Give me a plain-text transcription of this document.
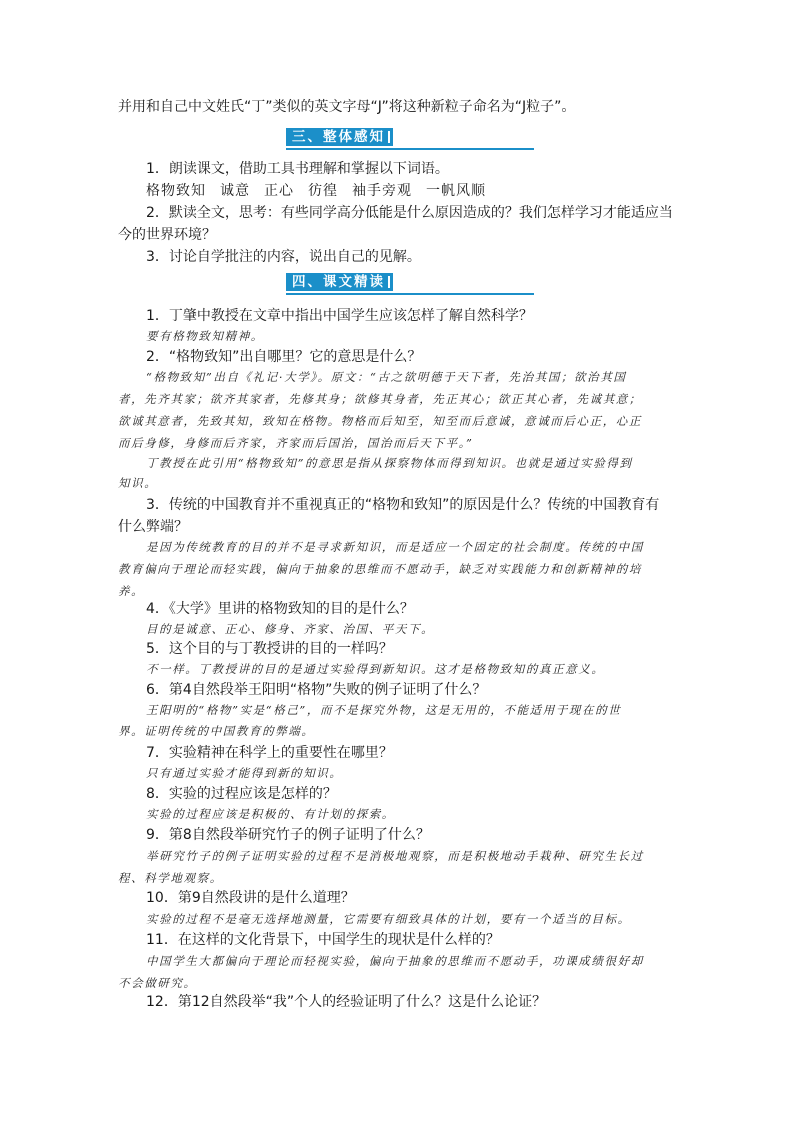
并用和自己中文姓氏“丁”类似的英文字母“J”将这种新粒子命名为“J粒子”。

三、整体感知

1．朗读课文，借助工具书理解和掌握以下词语。

格物致知 诚意 正心 彷徨 袖手旁观 一帆风顺

2．默读全文，思考：有些同学高分低能是什么原因造成的？我们怎样学习才能适应当

今的世界环境？

3．讨论自学批注的内容，说出自己的见解。

四、课文精读

1．丁肇中教授在文章中指出中国学生应该怎样了解自然科学？

要有格物致知精神。

2．“格物致知”出自哪里？它的意思是什么？

“格物致知”出自《礼记·大学》。原文：“古之欲明德于天下者，先治其国；欲治其国

者，先齐其家；欲齐其家者，先修其身；欲修其身者，先正其心；欲正其心者，先诚其意；

欲诚其意者，先致其知，致知在格物。物格而后知至，知至而后意诚，意诚而后心正，心正

而后身修，身修而后齐家，齐家而后国治，国治而后天下平。”

丁教授在此引用“格物致知”的意思是指从探察物体而得到知识。也就是通过实验得到

知识。

3．传统的中国教育并不重视真正的“格物和致知”的原因是什么？传统的中国教育有

什么弊端？

是因为传统教育的目的并不是寻求新知识，而是适应一个固定的社会制度。传统的中国

教育偏向于理论而轻实践，偏向于抽象的思维而不愿动手，缺乏对实践能力和创新精神的培

养。

4．《大学》里讲的格物致知的目的是什么？

目的是诚意、正心、修身、齐家、治国、平天下。

5．这个目的与丁教授讲的目的一样吗？

不一样。丁教授讲的目的是通过实验得到新知识。这才是格物致知的真正意义。

6．第4自然段举王阳明“格物”失败的例子证明了什么？

王阳明的“格物”实是“格己”，而不是探究外物，这是无用的，不能适用于现在的世

界。证明传统的中国教育的弊端。

7．实验精神在科学上的重要性在哪里？

只有通过实验才能得到新的知识。

8．实验的过程应该是怎样的？

实验的过程应该是积极的、有计划的探索。

9．第8自然段举研究竹子的例子证明了什么？

举研究竹子的例子证明实验的过程不是消极地观察，而是积极地动手栽种、研究生长过

程、科学地观察。

10．第9自然段讲的是什么道理？

实验的过程不是毫无选择地测量，它需要有细致具体的计划，要有一个适当的目标。

11．在这样的文化背景下，中国学生的现状是什么样的？

中国学生大都偏向于理论而轻视实验，偏向于抽象的思维而不愿动手，功课成绩很好却

不会做研究。

12．第12自然段举“我”个人的经验证明了什么？这是什么论证？
